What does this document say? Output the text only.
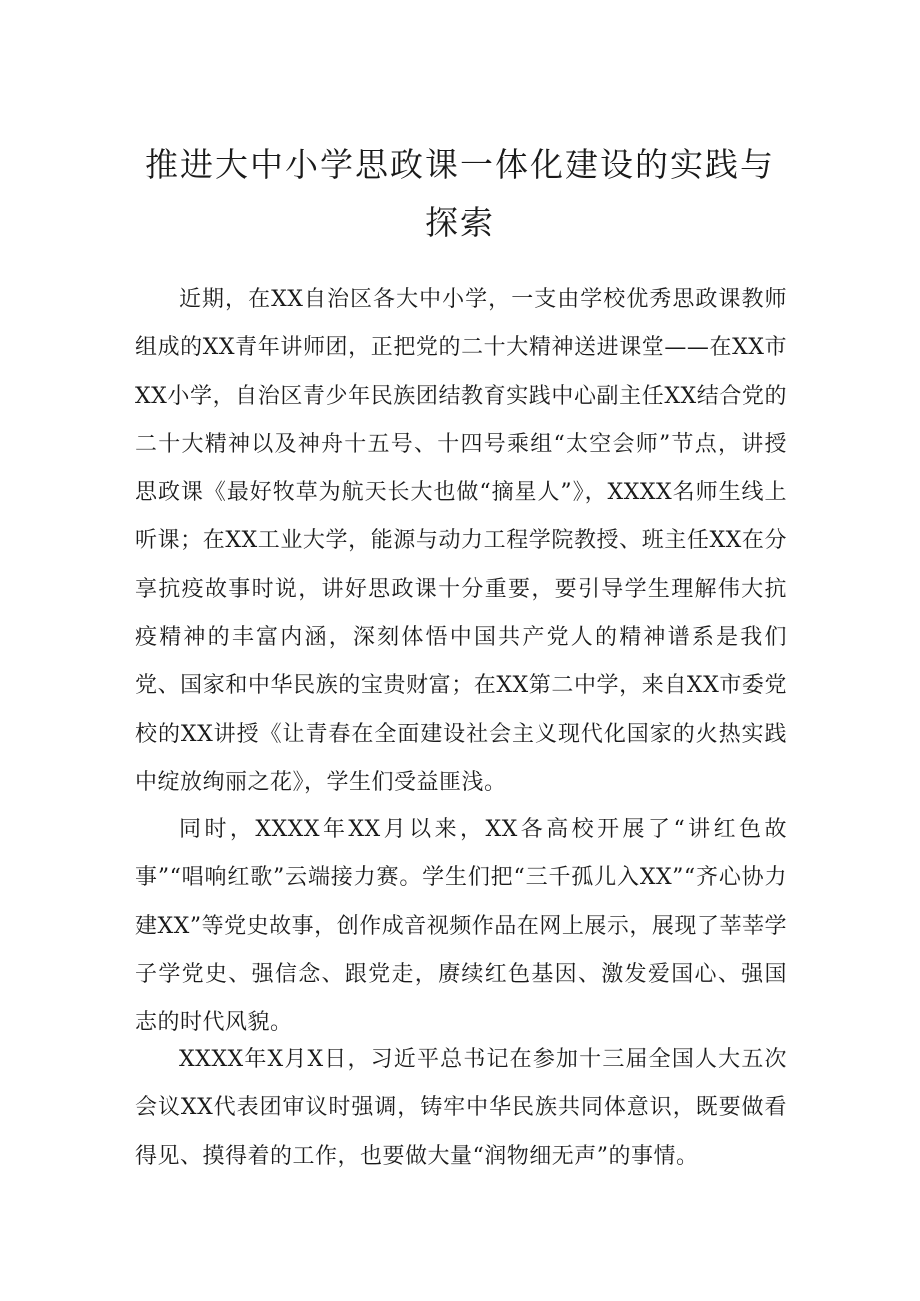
推进大中小学思政课一体化建设的实践与
探索

近期，在XX自治区各大中小学，一支由学校优秀思政课教师组成的XX青年讲师团，正把党的二十大精神送进课堂——在XX市XX小学，自治区青少年民族团结教育实践中心副主任XX结合党的二十大精神以及神舟十五号、十四号乘组“太空会师”节点，讲授思政课《最好牧草为航天长大也做“摘星人”》，XXXX名师生线上听课；在XX工业大学，能源与动力工程学院教授、班主任XX在分享抗疫故事时说，讲好思政课十分重要，要引导学生理解伟大抗疫精神的丰富内涵，深刻体悟中国共产党人的精神谱系是我们党、国家和中华民族的宝贵财富；在XX第二中学，来自XX市委党校的XX讲授《让青春在全面建设社会主义现代化国家的火热实践中绽放绚丽之花》，学生们受益匪浅。

同时，XXXX年XX月以来，XX各高校开展了“讲红色故事”“唱响红歌”云端接力赛。学生们把“三千孤儿入XX”“齐心协力建XX”等党史故事，创作成音视频作品在网上展示，展现了莘莘学子学党史、强信念、跟党走，赓续红色基因、激发爱国心、强国志的时代风貌。

XXXX年X月X日，习近平总书记在参加十三届全国人大五次会议XX代表团审议时强调，铸牢中华民族共同体意识，既要做看得见、摸得着的工作，也要做大量“润物细无声”的事情。
